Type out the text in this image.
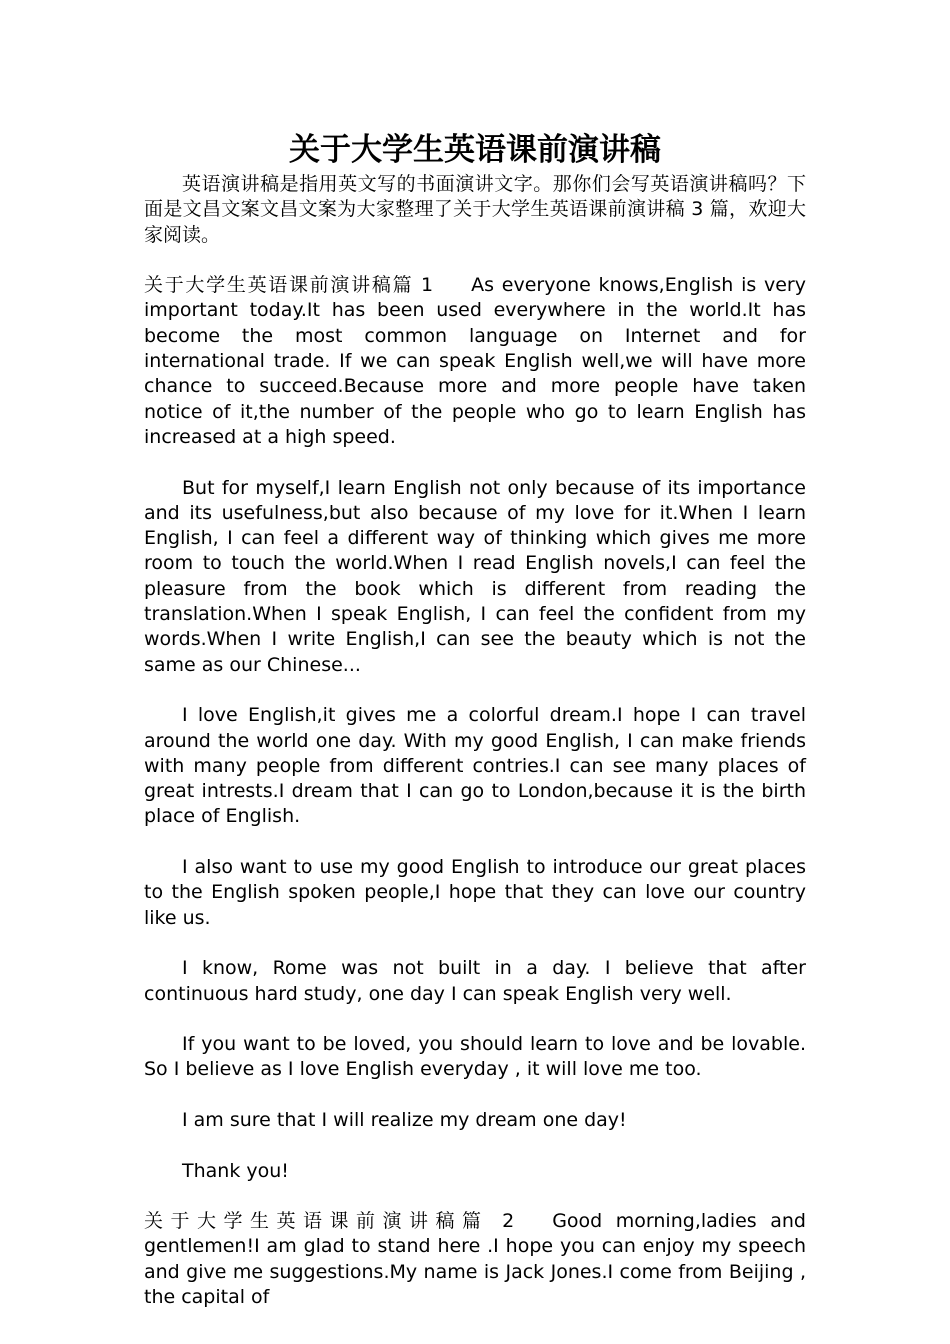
关于大学生英语课前演讲稿

英语演讲稿是指用英文写的书面演讲文字。那你们会写英语演讲稿吗？下面是文昌文案文昌文案为大家整理了关于大学生英语课前演讲稿 3 篇，欢迎大家阅读。

关于大学生英语课前演讲稿篇 1 As everyone knows,English is very important today.It has been used everywhere in the world.It has become the most common language on Internet and for international trade. If we can speak English well,we will have more chance to succeed.Because more and more people have taken notice of it,the number of the people who go to learn English has increased at a high speed.

But for myself,I learn English not only because of its importance and its usefulness,but also because of my love for it.When I learn English, I can feel a different way of thinking which gives me more room to touch the world.When I read English novels,I can feel the pleasure from the book which is different from reading the translation.When I speak English, I can feel the confident from my words.When I write English,I can see the beauty which is not the same as our Chinese...

I love English,it gives me a colorful dream.I hope I can travel around the world one day. With my good English, I can make friends with many people from different contries.I can see many places of great intrests.I dream that I can go to London,because it is the birth place of English.

I also want to use my good English to introduce our great places to the English spoken people,I hope that they can love our country like us.

I know, Rome was not built in a day. I believe that after continuous hard study, one day I can speak English very well.

If you want to be loved, you should learn to love and be lovable. So I believe as I love English everyday , it will love me too.

I am sure that I will realize my dream one day!

Thank you!

关于大学生英语课前演讲稿篇 2 Good morning,ladies and gentlemen!I am glad to stand here .I hope you can enjoy my speech and give me suggestions.My name is Jack Jones.I come from Beijing , the capital of
